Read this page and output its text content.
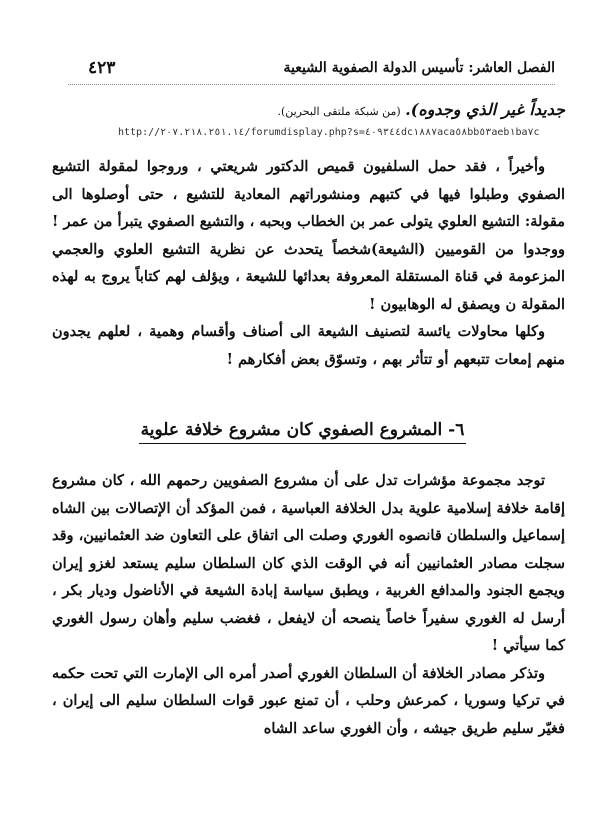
الفصل العاشر: تأسيس الدولة الصفوية الشيعية
٤٢٣
جديداً غير الذي وجدوه). (من شبكة ملتقى البحرين).
http://٢٠٧.٢١٨.٢٥١.١٤/forumdisplay.php?s=٤٠٩٣٤٤dc١٨٨٧aca٥٨bb٥٣aeb١ba٧c

وأخيراً ، فقد حمل السلفيون قميص الدكتور شريعتي ، وروجوا لمقولة التشيع الصفوي وطبلوا فيها في كتبهم ومنشوراتهم المعادية للتشيع ، حتى أوصلوها الى مقولة: التشيع العلوي يتولى عمر بن الخطاب وبحبه ، والتشيع الصفوي يتبرأ من عمر ! ووجدوا من القوميين (الشيعة)شخصاً يتحدث عن نظرية التشيع العلوي والعجمي المزعومة في قناة المستقلة المعروفة بعدائها للشيعة ، ويؤلف لهم كتاباً يروج به لهذه المقولة ن ويصفق له الوهابيون !

وكلها محاولات يائسة لتصنيف الشيعة الى أصناف وأقسام وهمية ، لعلهم يجدون منهم إمعات تتبعهم أو تتأثر بهم ، وتسوّق بعض أفكارهم !

٦- المشروع الصفوي كان مشروع خلافة علوية

توجد مجموعة مؤشرات تدل على أن مشروع الصفويين رحمهم الله ، كان مشروع إقامة خلافة إسلامية علوية بدل الخلافة العباسية ، فمن المؤكد أن الإتصالات بين الشاه إسماعيل والسلطان قانصوه الغوري وصلت الى اتفاق على التعاون ضد العثمانيين، وقد سجلت مصادر العثمانيين أنه في الوقت الذي كان السلطان سليم يستعد لغزو إيران ويجمع الجنود والمدافع الغربية ، ويطبق سياسة إبادة الشيعة في الأناضول وديار بكر ، أرسل له الغوري سفيراً خاصاً ينصحه أن لايفعل ، فغضب سليم وأهان رسول الغوري كما سيأتي !

وتذكر مصادر الخلافة أن السلطان الغوري أصدر أمره الى الإمارت التي تحت حكمه في تركيا وسوريا ، كمرعش وحلب ، أن تمنع عبور قوات السلطان سليم الى إيران ، فغيّر سليم طريق جيشه ، وأن الغوري ساعد الشاه
